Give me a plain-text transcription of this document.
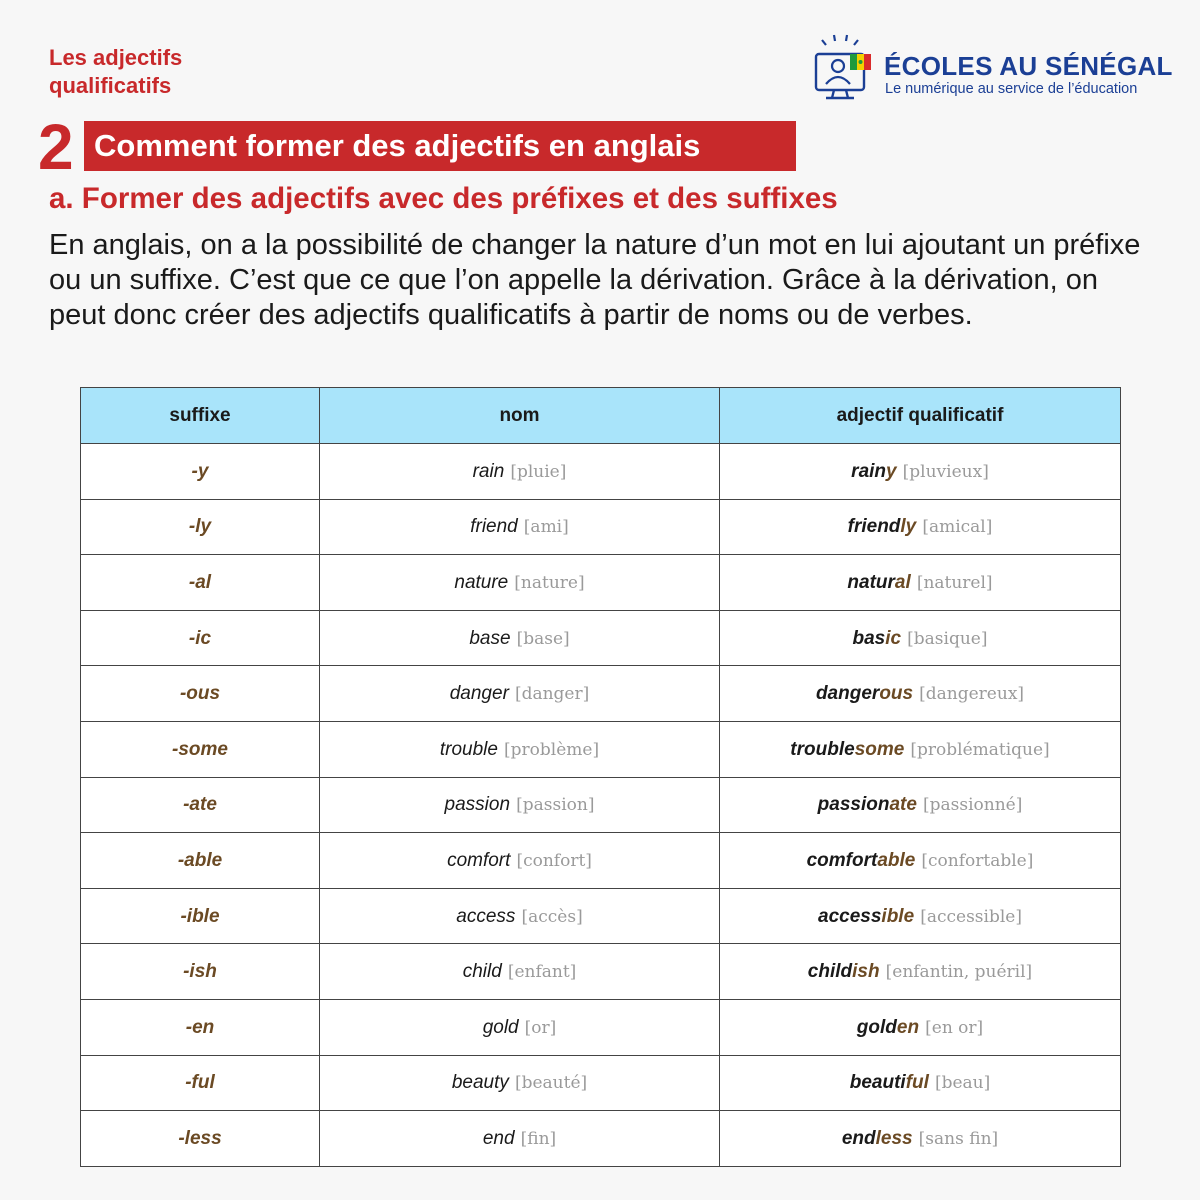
Les adjectifs qualificatifs
ÉCOLES AU SÉNÉGAL
Le numérique au service de l’éducation
2 Comment former des adjectifs en anglais
a. Former des adjectifs avec des préfixes et des suffixes
En anglais, on a la possibilité de changer la nature d’un mot en lui ajoutant un préfixe ou un suffixe. C’est que ce que l’on appelle la dérivation. Grâce à la dérivation, on peut donc créer des adjectifs qualificatifs à partir de noms ou de verbes.
suffixe	nom	adjectif qualificatif
-y	rain [pluie]	rainy [pluvieux]
-ly	friend [ami]	friendly [amical]
-al	nature [nature]	natural [naturel]
-ic	base [base]	basic [basique]
-ous	danger [danger]	dangerous [dangereux]
-some	trouble [problème]	troublesome [problématique]
-ate	passion [passion]	passionate [passionné]
-able	comfort [confort]	comfortable [confortable]
-ible	access [accès]	accessible [accessible]
-ish	child [enfant]	childish [enfantin, puéril]
-en	gold [or]	golden [en or]
-ful	beauty [beauté]	beautiful [beau]
-less	end [fin]	endless [sans fin]
